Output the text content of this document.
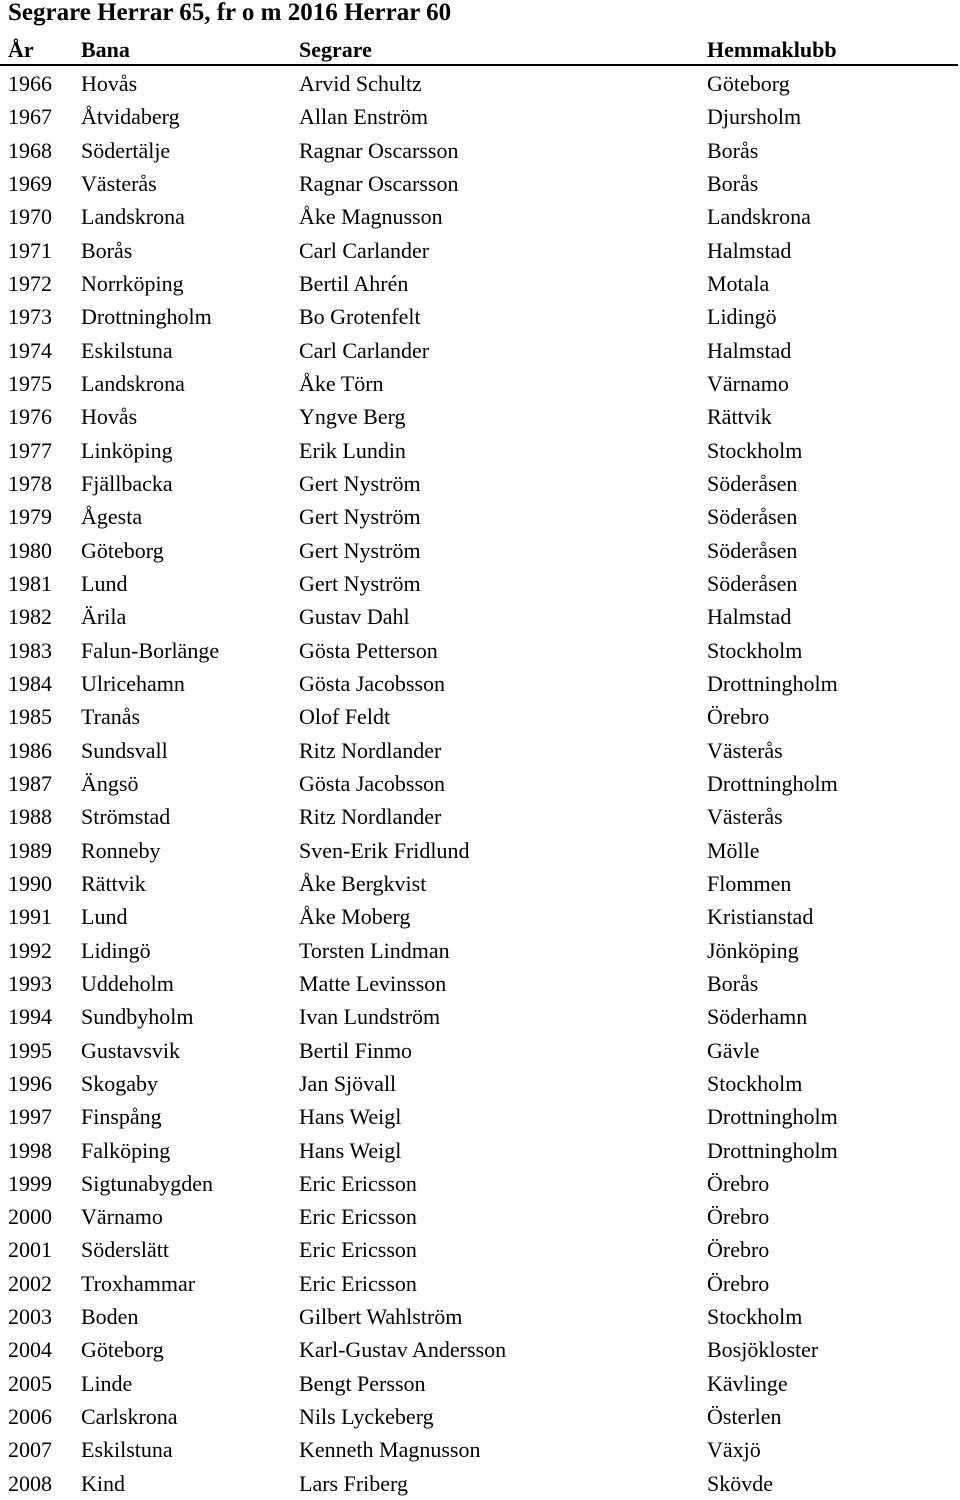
Segrare Herrar 65, fr o m 2016 Herrar 60
År Bana	Segrare	Hemmaklubb
1966 Hovås	Arvid Schultz	Göteborg
1967 Åtvidaberg	Allan Enström	Djursholm
1968 Södertälje	Ragnar Oscarsson	Borås
1969 Västerås	Ragnar Oscarsson	Borås
1970 Landskrona	Åke Magnusson	Landskrona
1971 Borås	Carl Carlander	Halmstad
1972 Norrköping	Bertil Ahrén	Motala
1973 Drottningholm	Bo Grotenfelt	Lidingö
1974 Eskilstuna	Carl Carlander	Halmstad
1975 Landskrona	Åke Törn	Värnamo
1976 Hovås	Yngve Berg	Rättvik
1977 Linköping	Erik Lundin	Stockholm
1978 Fjällbacka	Gert Nyström	Söderåsen
1979 Ågesta	Gert Nyström	Söderåsen
1980 Göteborg	Gert Nyström	Söderåsen
1981 Lund	Gert Nyström	Söderåsen
1982 Ärila	Gustav Dahl	Halmstad
1983 Falun-Borlänge	Gösta Petterson	Stockholm
1984 Ulricehamn	Gösta Jacobsson	Drottningholm
1985 Tranås	Olof Feldt	Örebro
1986 Sundsvall	Ritz Nordlander	Västerås
1987 Ängsö	Gösta Jacobsson	Drottningholm
1988 Strömstad	Ritz Nordlander	Västerås
1989 Ronneby	Sven-Erik Fridlund	Mölle
1990 Rättvik	Åke Bergkvist	Flommen
1991 Lund	Åke Moberg	Kristianstad
1992 Lidingö	Torsten Lindman	Jönköping
1993 Uddeholm	Matte Levinsson	Borås
1994 Sundbyholm	Ivan Lundström	Söderhamn
1995 Gustavsvik	Bertil Finmo	Gävle
1996 Skogaby	Jan Sjövall	Stockholm
1997 Finspång	Hans Weigl	Drottningholm
1998 Falköping	Hans Weigl	Drottningholm
1999 Sigtunabygden	Eric Ericsson	Örebro
2000 Värnamo	Eric Ericsson	Örebro
2001 Söderslätt	Eric Ericsson	Örebro
2002 Troxhammar	Eric Ericsson	Örebro
2003 Boden	Gilbert Wahlström	Stockholm
2004 Göteborg	Karl-Gustav Andersson	Bosjökloster
2005 Linde	Bengt Persson	Kävlinge
2006 Carlskrona	Nils Lyckeberg	Österlen
2007 Eskilstuna	Kenneth Magnusson	Växjö
2008 Kind	Lars Friberg	Skövde
